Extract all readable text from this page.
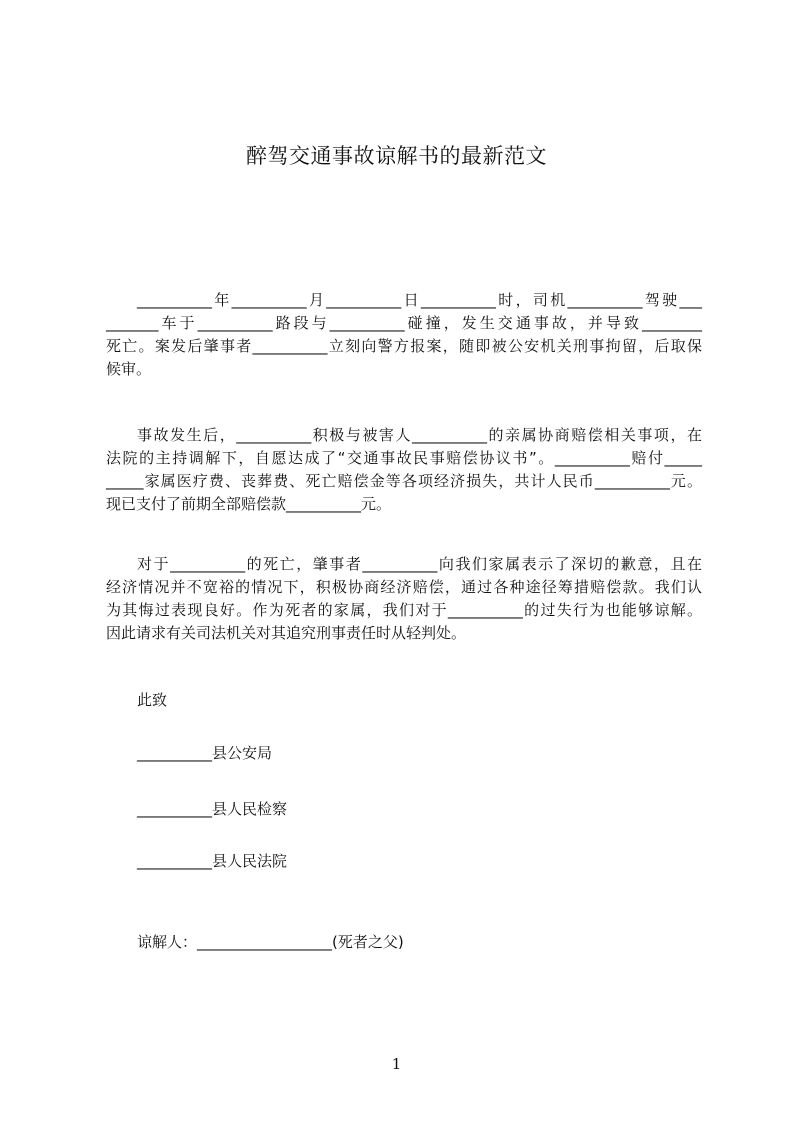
醉驾交通事故谅解书的最新范文
__________年__________月__________日__________时，司机__________驾驶___
_______车于__________路段与__________碰撞，发生交通事故，并导致________
死亡。案发后肇事者__________立刻向警方报案，随即被公安机关刑事拘留，后取保
候审。
事故发生后，__________积极与被害人__________的亲属协商赔偿相关事项，在
法院的主持调解下，自愿达成了“交通事故民事赔偿协议书”。__________赔付_____
_____家属医疗费、丧葬费、死亡赔偿金等各项经济损失，共计人民币__________元。
现已支付了前期全部赔偿款__________元。
对于__________的死亡，肇事者__________向我们家属表示了深切的歉意，且在
经济情况并不宽裕的情况下，积极协商经济赔偿，通过各种途径筹措赔偿款。我们认
为其悔过表现良好。作为死者的家属，我们对于__________的过失行为也能够谅解。
因此请求有关司法机关对其追究刑事责任时从轻判处。
此致
__________县公安局
__________县人民检察
__________县人民法院
谅解人：__________________(死者之父)
1
